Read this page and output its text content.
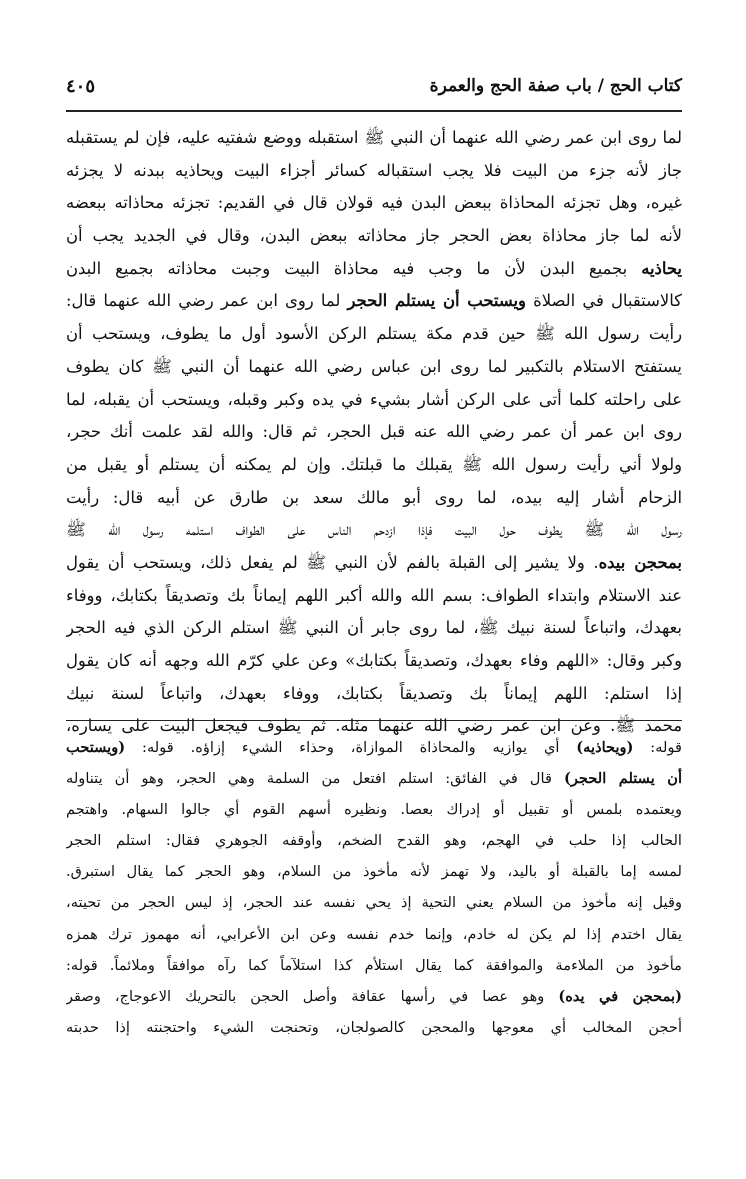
كتاب الحج / باب صفة الحج والعمرة
٤٠٥
لما روى ابن عمر رضي الله عنهما أن النبي ﷺ استقبله ووضع شفتيه عليه، فإن لم يستقبله
جاز لأنه جزء من البيت فلا يجب استقباله كسائر أجزاء البيت ويحاذيه ببدنه لا يجزئه
غيره، وهل تجزئه المحاذاة ببعض البدن فيه قولان قال في القديم: تجزئه محاذاته ببعضه
لأنه لما جاز محاذاة بعض الحجر جاز محاذاته ببعض البدن، وقال في الجديد يجب أن
يحاذيه بجميع البدن لأن ما وجب فيه محاذاة البيت وجبت محاذاته بجميع البدن
كالاستقبال في الصلاة ويستحب أن يستلم الحجر لما روى ابن عمر رضي الله عنهما قال:
رأيت رسول الله ﷺ حين قدم مكة يستلم الركن الأسود أول ما يطوف، ويستحب أن
يستفتح الاستلام بالتكبير لما روى ابن عباس رضي الله عنهما أن النبي ﷺ كان يطوف
على راحلته كلما أتى على الركن أشار بشيء في يده وكبر وقبله، ويستحب أن يقبله، لما
روى ابن عمر أن عمر رضي الله عنه قبل الحجر، ثم قال: والله لقد علمت أنك حجر،
ولولا أني رأيت رسول الله ﷺ يقبلك ما قبلتك. وإن لم يمكنه أن يستلم أو يقبل من
الزحام أشار إليه بيده، لما روى أبو مالك سعد بن طارق عن أبيه قال: رأيت
رسول الله ﷺ يطوف حول البيت فإذا ازدحم الناس على الطواف استلمه رسول الله ﷺ
بمحجن بيده. ولا يشير إلى القبلة بالفم لأن النبي ﷺ لم يفعل ذلك، ويستحب أن يقول
عند الاستلام وابتداء الطواف: بسم الله والله أكبر اللهم إيماناً بك وتصديقاً بكتابك، ووفاء
بعهدك، واتباعاً لسنة نبيك ﷺ، لما روى جابر أن النبي ﷺ استلم الركن الذي فيه الحجر
وكبر وقال: «اللهم وفاء بعهدك، وتصديقاً بكتابك» وعن علي كرّم الله وجهه أنه كان يقول
إذا استلم: اللهم إيماناً بك وتصديقاً بكتابك، ووفاء بعهدك، واتباعاً لسنة نبيك
محمد ﷺ. وعن ابن عمر رضي الله عنهما مثله. ثم يطوف فيجعل البيت على يساره،
قوله: (ويحاذيه) أي يوازيه والمحاذاة الموازاة، وحذاء الشيء إزاؤه. قوله: (ويستحب
أن يستلم الحجر) قال في الفائق: استلم افتعل من السلمة وهي الحجر، وهو أن يتناوله
ويعتمده بلمس أو تقبيل أو إدراك بعصا. ونظيره أسهم القوم أي جالوا السهام. واهتجم
الحالب إذا حلب في الهجم، وهو القدح الضخم، وأوقفه الجوهري فقال: استلم الحجر
لمسه إما بالقبلة أو باليد، ولا تهمز لأنه مأخوذ من السلام، وهو الحجر كما يقال استبرق.
وقيل إنه مأخوذ من السلام يعني التحية إذ يحي نفسه عند الحجر، إذ ليس الحجر من تحيته،
يقال اختدم إذا لم يكن له خادم، وإنما خدم نفسه وعن ابن الأعرابي، أنه مهموز ترك همزه
مأخوذ من الملاءمة والموافقة كما يقال استلأم كذا استلآماً كما رآه موافقاً وملائماً. قوله:
(بمحجن في يده) وهو عصا في رأسها عقافة وأصل الحجن بالتحريك الاعوجاج، وصقر
أحجن المخالب أي معوجها والمحجن كالصولجان، وتحنجت الشيء واحتجنته إذا حدبته
